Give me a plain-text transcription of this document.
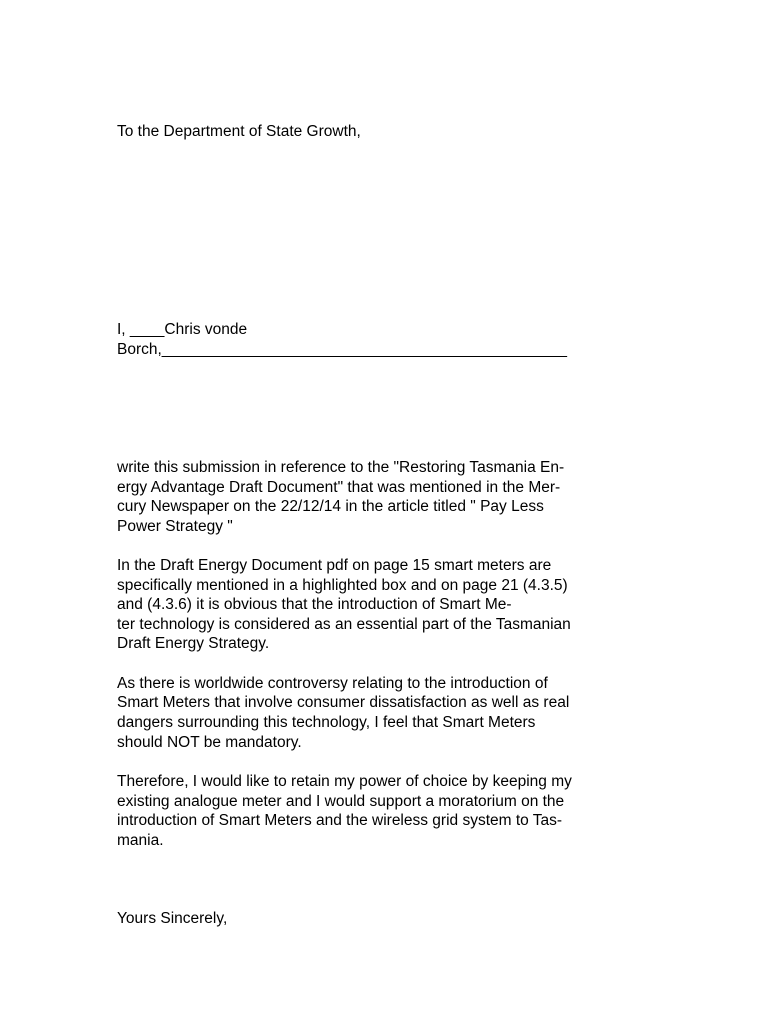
To the Department of State Growth,
I, ____Chris vonde
Borch,_______________________________________________
write this submission in reference to the "Restoring Tasmania En-
ergy Advantage Draft Document" that was mentioned in the Mer-
cury Newspaper on the 22/12/14 in the article titled " Pay Less
Power Strategy "
In the Draft Energy Document pdf on page 15 smart meters are
specifically mentioned in a highlighted box and on page 21 (4.3.5)
and (4.3.6) it is obvious that the introduction of Smart Me-
ter technology is considered as an essential part of the Tasmanian
Draft Energy Strategy.
As there is worldwide controversy relating to the introduction of
Smart Meters that involve consumer dissatisfaction as well as real
dangers surrounding this technology, I feel that Smart Meters
should NOT be mandatory.
Therefore, I would like to retain my power of choice by keeping my
existing analogue meter and I would support a moratorium on the
introduction of Smart Meters and the wireless grid system to Tas-
mania.
Yours Sincerely,
